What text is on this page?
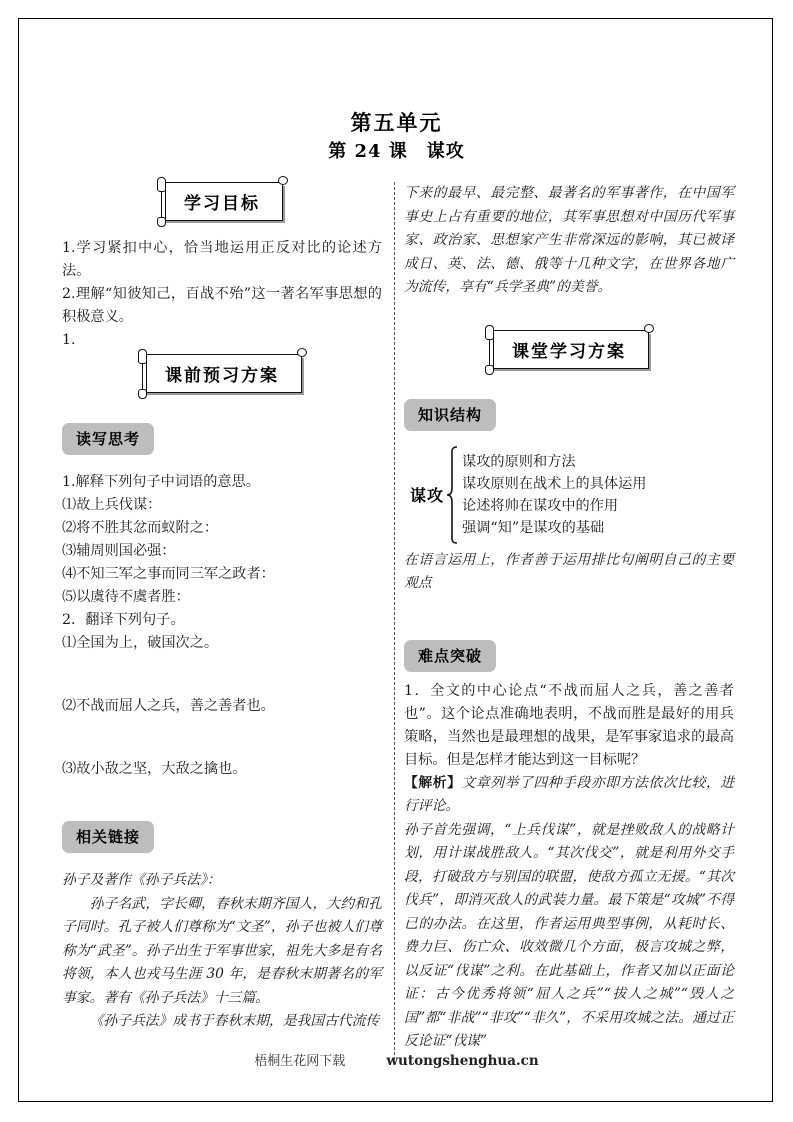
第五单元
第 24 课　谋攻
学习目标

1.学习紧扣中心，恰当地运用正反对比的论述方法。

2.理解“知彼知己，百战不殆”这一著名军事思想的积极意义。

1.

课前预习方案
读写思考

1.解释下列句子中词语的意思。

⑴故上兵伐谋：

⑵将不胜其忿而蚁附之：

⑶辅周则国必强：

⑷不知三军之事而同三军之政者：

⑸以虞待不虞者胜：

2．翻译下列句子。

⑴全国为上，破国次之。

⑵不战而屈人之兵，善之善者也。

⑶故小敌之坚，大敌之擒也。

相关链接

孙子及著作《孙子兵法》：

孙子名武，字长卿，春秋末期齐国人，大约和孔子同时。孔子被人们尊称为“文圣”，孙子也被人们尊称为“武圣”。孙子出生于军事世家，祖先大多是有名将领，本人也戎马生涯 30 年，是春秋末期著名的军事家。著有《孙子兵法》十三篇。

《孙子兵法》成书于春秋末期，是我国古代流传

下来的最早、最完整、最著名的军事著作，在中国军事史上占有重要的地位，其军事思想对中国历代军事家、政治家、思想家产生非常深远的影响，其已被译成日、英、法、德、俄等十几种文字，在世界各地广为流传，享有“兵学圣典”的美誉。

课堂学习方案
知识结构
谋攻
谋攻的原则和方法
谋攻原则在战术上的具体运用
论述将帅在谋攻中的作用
强调“知”是谋攻的基础

在语言运用上，作者善于运用排比句阐明自己的主要观点

难点突破

1．全文的中心论点“不战而屈人之兵，善之善者也”。这个论点准确地表明，不战而胜是最好的用兵策略，当然也是最理想的战果，是军事家追求的最高目标。但是怎样才能达到这一目标呢？

【解析】文章列举了四种手段亦即方法依次比较，进行评论。

孙子首先强调，“上兵伐谋”，就是挫败敌人的战略计划，用计谋战胜敌人。“其次伐交”，就是利用外交手段，打破敌方与别国的联盟，使敌方孤立无援。“其次伐兵”，即消灭敌人的武装力量。最下策是“攻城”不得已的办法。在这里，作者运用典型事例，从耗时长、费力巨、伤亡众、收效微几个方面，极言攻城之弊，以反证“伐谋”之利。在此基础上，作者又加以正面论证：古今优秀将领“屈人之兵”“拔人之城”“毁人之国”都“非战”“非攻”“非久”，不采用攻城之法。通过正反论证“伐谋”

梧桐生花网下载	wutongshenghua.cn
